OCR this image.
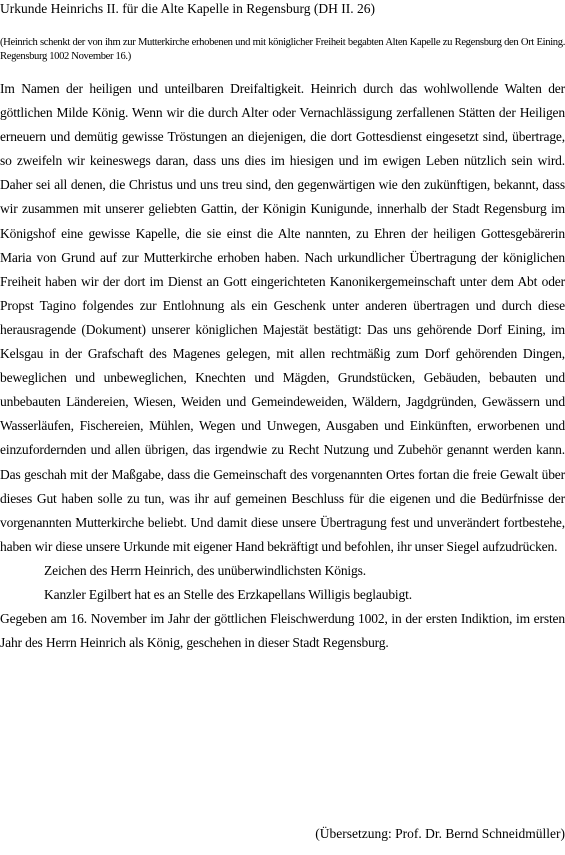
Urkunde Heinrichs II. für die Alte Kapelle in Regensburg (DH II. 26)
(Heinrich schenkt der von ihm zur Mutterkirche erhobenen und mit königlicher Freiheit begabten Alten Kapelle zu Regensburg den Ort Eining. Regensburg 1002 November 16.)

Im Namen der heiligen und unteilbaren Dreifaltigkeit. Heinrich durch das wohlwollende Walten der göttlichen Milde König. Wenn wir die durch Alter oder Vernachlässigung zerfallenen Stätten der Heiligen erneuern und demütig gewisse Tröstungen an diejenigen, die dort Gottesdienst eingesetzt sind, übertrage, so zweifeln wir keineswegs daran, dass uns dies im hiesigen und im ewigen Leben nützlich sein wird. Daher sei all denen, die Christus und uns treu sind, den gegenwärtigen wie den zukünftigen, bekannt, dass wir zusammen mit unserer geliebten Gattin, der Königin Kunigunde, innerhalb der Stadt Regensburg im Königshof eine gewisse Kapelle, die sie einst die Alte nannten, zu Ehren der heiligen Gottesgebärerin Maria von Grund auf zur Mutterkirche erhoben haben. Nach urkundlicher Übertragung der königlichen Freiheit haben wir der dort im Dienst an Gott eingerichteten Kanonikergemeinschaft unter dem Abt oder Propst Tagino folgendes zur Entlohnung als ein Geschenk unter anderen übertragen und durch diese herausragende (Dokument) unserer königlichen Majestät bestätigt: Das uns gehörende Dorf Eining, im Kelsgau in der Grafschaft des Magenes gelegen, mit allen rechtmäßig zum Dorf gehörenden Dingen, beweglichen und unbeweglichen, Knechten und Mägden, Grundstücken, Gebäuden, bebauten und unbebauten Ländereien, Wiesen, Weiden und Gemeindeweiden, Wäldern, Jagdgründen, Gewässern und Wasserläufen, Fischereien, Mühlen, Wegen und Unwegen, Ausgaben und Einkünften, erworbenen und einzufordernden und allen übrigen, das irgendwie zu Recht Nutzung und Zubehör genannt werden kann. Das geschah mit der Maßgabe, dass die Gemeinschaft des vorgenannten Ortes fortan die freie Gewalt über dieses Gut haben solle zu tun, was ihr auf gemeinen Beschluss für die eigenen und die Bedürfnisse der vorgenannten Mutterkirche beliebt. Und damit diese unsere Übertragung fest und unverändert fortbestehe, haben wir diese unsere Urkunde mit eigener Hand bekräftigt und befohlen, ihr unser Siegel aufzudrücken.

Zeichen des Herrn Heinrich, des unüberwindlichsten Königs.

Kanzler Egilbert hat es an Stelle des Erzkapellans Willigis beglaubigt.

Gegeben am 16. November im Jahr der göttlichen Fleischwerdung 1002, in der ersten Indiktion, im ersten Jahr des Herrn Heinrich als König, geschehen in dieser Stadt Regensburg.

(Übersetzung: Prof. Dr. Bernd Schneidmüller)
